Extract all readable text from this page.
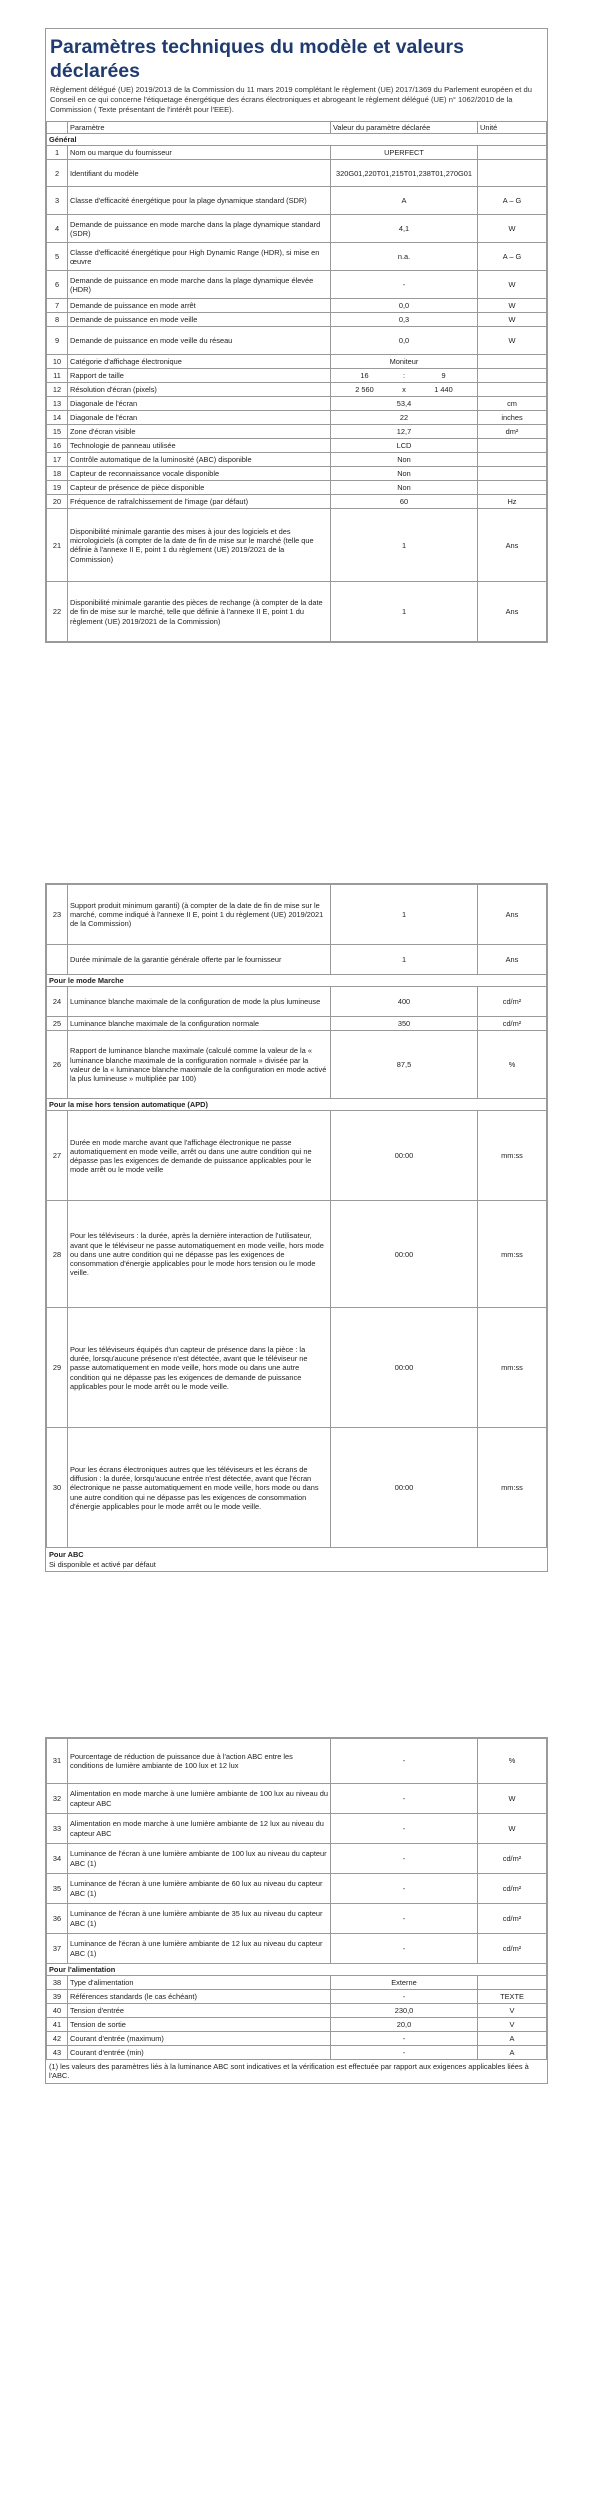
Paramètres techniques du modèle et valeurs déclarées
Règlement délégué (UE) 2019/2013 de la Commission du 11 mars 2019 complétant le règlement (UE) 2017/1369 du Parlement européen et du Conseil en ce qui concerne l'étiquetage énergétique des écrans électroniques et abrogeant le règlement délégué (UE) n° 1062/2010 de la Commission ( Texte présentant de l'intérêt pour l'EEE).
	Paramètre	Valeur du paramètre déclarée	Unité
Général			
1	Nom ou marque du fournisseur	UPERFECT	
2	Identifiant du modèle	320G01,220T01,215T01,238T01,270G01	
3	Classe d'efficacité énergétique pour la plage dynamique standard (SDR)	A	A – G
4	Demande de puissance en mode marche dans la plage dynamique standard (SDR)	4,1	W
5	Classe d'efficacité énergétique pour High Dynamic Range (HDR), si mise en œuvre	n.a.	A – G
6	Demande de puissance en mode marche dans la plage dynamique élevée (HDR)	-	W
7	Demande de puissance en mode arrêt	0,0	W
8	Demande de puissance en mode veille	0,3	W
9	Demande de puissance en mode veille du réseau	0,0	W
10	Catégorie d'affichage électronique	Moniteur	
11	Rapport de taille	16 : 9	

12	Résolution d'écran (pixels)	2 560 x 1 440	

13	Diagonale de l'écran	53,4	cm
14	Diagonale de l'écran	22	inches
15	Zone d'écran visible	12,7	dm²
16	Technologie de panneau utilisée	LCD	
17	Contrôle automatique de la luminosité (ABC) disponible	Non	
18	Capteur de reconnaissance vocale disponible	Non	
19	Capteur de présence de pièce disponible	Non	
20	Fréquence de rafraîchissement de l'image (par défaut)	60	Hz
21	Disponibilité minimale garantie des mises à jour des logiciels et des micrologiciels (à compter de la date de fin de mise sur le marché (telle que définie à l'annexe II E, point 1 du règlement (UE) 2019/2021 de la Commission)	1	Ans
22	Disponibilité minimale garantie des pièces de rechange (à compter de la date de fin de mise sur le marché, telle que définie à l'annexe II E, point 1 du règlement (UE) 2019/2021 de la Commission)	1	Ans
23	Support produit minimum garanti) (à compter de la date de fin de mise sur le marché, comme indiqué à l'annexe II E, point 1 du règlement (UE) 2019/2021 de la Commission)	1	Ans
	Durée minimale de la garantie générale offerte par le fournisseur	1	Ans
Pour le mode Marche			
24	Luminance blanche maximale de la configuration de mode la plus lumineuse	400	cd/m²
25	Luminance blanche maximale de la configuration normale	350	cd/m²
26	Rapport de luminance blanche maximale (calculé comme la valeur de la « luminance blanche maximale de la configuration normale » divisée par la valeur de la « luminance blanche maximale de la configuration en mode activé la plus lumineuse » multipliée par 100)	87,5	%
Pour la mise hors tension automatique (APD)			
27	Durée en mode marche avant que l'affichage électronique ne passe automatiquement en mode veille, arrêt ou dans une autre condition qui ne dépasse pas les exigences de demande de puissance applicables pour le mode arrêt ou le mode veille	00:00	mm:ss
28	Pour les téléviseurs : la durée, après la dernière interaction de l'utilisateur, avant que le téléviseur ne passe automatiquement en mode veille, hors mode ou dans une autre condition qui ne dépasse pas les exigences de consommation d'énergie applicables pour le mode hors tension ou le mode veille.	00:00	mm:ss
29	Pour les téléviseurs équipés d'un capteur de présence dans la pièce : la durée, lorsqu'aucune présence n'est détectée, avant que le téléviseur ne passe automatiquement en mode veille, hors mode ou dans une autre condition qui ne dépasse pas les exigences de demande de puissance applicables pour le mode arrêt ou le mode veille.	00:00	mm:ss
30	Pour les écrans électroniques autres que les téléviseurs et les écrans de diffusion : la durée, lorsqu'aucune entrée n'est détectée, avant que l'écran électronique ne passe automatiquement en mode veille, hors mode ou dans une autre condition qui ne dépasse pas les exigences de consommation d'énergie applicables pour le mode arrêt ou le mode veille.	00:00	mm:ss
Pour ABC
Si disponible et activé par défaut
31	Pourcentage de réduction de puissance due à l'action ABC entre les conditions de lumière ambiante de 100 lux et 12 lux	-	%
32	Alimentation en mode marche à une lumière ambiante de 100 lux au niveau du capteur ABC	-	W
33	Alimentation en mode marche à une lumière ambiante de 12 lux au niveau du capteur ABC	-	W
34	Luminance de l'écran à une lumière ambiante de 100 lux au niveau du capteur ABC (1)	-	cd/m²
35	Luminance de l'écran à une lumière ambiante de 60 lux au niveau du capteur ABC (1)	-	cd/m²
36	Luminance de l'écran à une lumière ambiante de 35 lux au niveau du capteur ABC (1)	-	cd/m²
37	Luminance de l'écran à une lumière ambiante de 12 lux au niveau du capteur ABC (1)	-	cd/m²
Pour l'alimentation			
38	Type d'alimentation	Externe	
39	Références standards (le cas échéant)	-	TEXTE
40	Tension d'entrée	230,0	V
41	Tension de sortie	20,0	V
42	Courant d'entrée (maximum)	-	A
43	Courant d'entrée (min)	-	A
(1) les valeurs des paramètres liés à la luminance ABC sont indicatives et la vérification est effectuée par rapport aux exigences applicables liées à l'ABC.
